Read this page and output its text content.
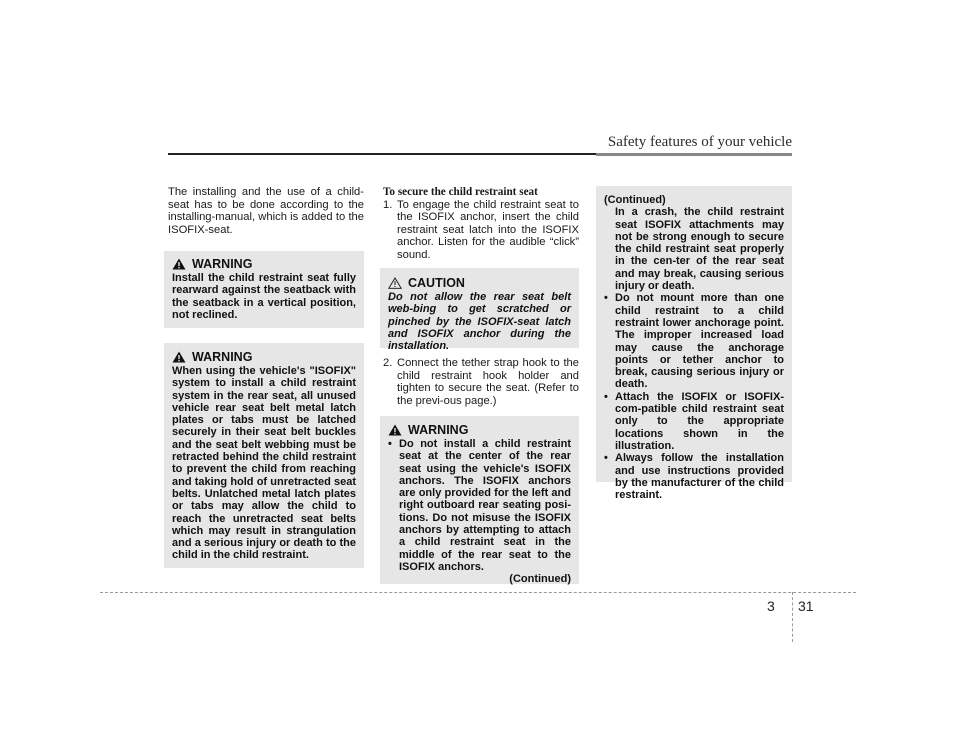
Safety features of your vehicle
The installing and the use of a child-seat has to be done according to the installing-manual, which is added to the ISOFIX-seat.
WARNING
Install the child restraint seat fully rearward against the seatback with the seatback in a vertical position, not reclined.
WARNING
When using the vehicle's "ISOFIX" system to install a child restraint system in the rear seat, all unused vehicle rear seat belt metal latch plates or tabs must be latched securely in their seat belt buckles and the seat belt webbing must be retracted behind the child restraint to prevent the child from reaching and taking hold of unretracted seat belts. Unlatched metal latch plates or tabs may allow the child to reach the unretracted seat belts which may result in strangulation and a serious injury or death to the child in the child restraint.
To secure the child restraint seat
1. To engage the child restraint seat to the ISOFIX anchor, insert the child restraint seat latch into the ISOFIX anchor. Listen for the audible “click” sound.
CAUTION
Do not allow the rear seat belt web-bing to get scratched or pinched by the ISOFIX-seat latch and ISOFIX anchor during the installation.
2. Connect the tether strap hook to the child restraint hook holder and tighten to secure the seat. (Refer to the previ-ous page.)
WARNING
• Do not install a child restraint seat at the center of the rear seat using the vehicle's ISOFIX anchors. The ISOFIX anchors are only provided for the left and right outboard rear seating posi-tions. Do not misuse the ISOFIX anchors by attempting to attach a child restraint seat in the middle of the rear seat to the ISOFIX anchors.
(Continued)
(Continued)
In a crash, the child restraint seat ISOFIX attachments may not be strong enough to secure the child restraint seat properly in the cen-ter of the rear seat and may break, causing serious injury or death.
• Do not mount more than one child restraint to a child restraint lower anchorage point. The improper increased load may cause the anchorage points or tether anchor to break, causing serious injury or death.
• Attach the ISOFIX or ISOFIX-com-patible child restraint seat only to the appropriate locations shown in the illustration.
• Always follow the installation and use instructions provided by the manufacturer of the child restraint.
3 31
